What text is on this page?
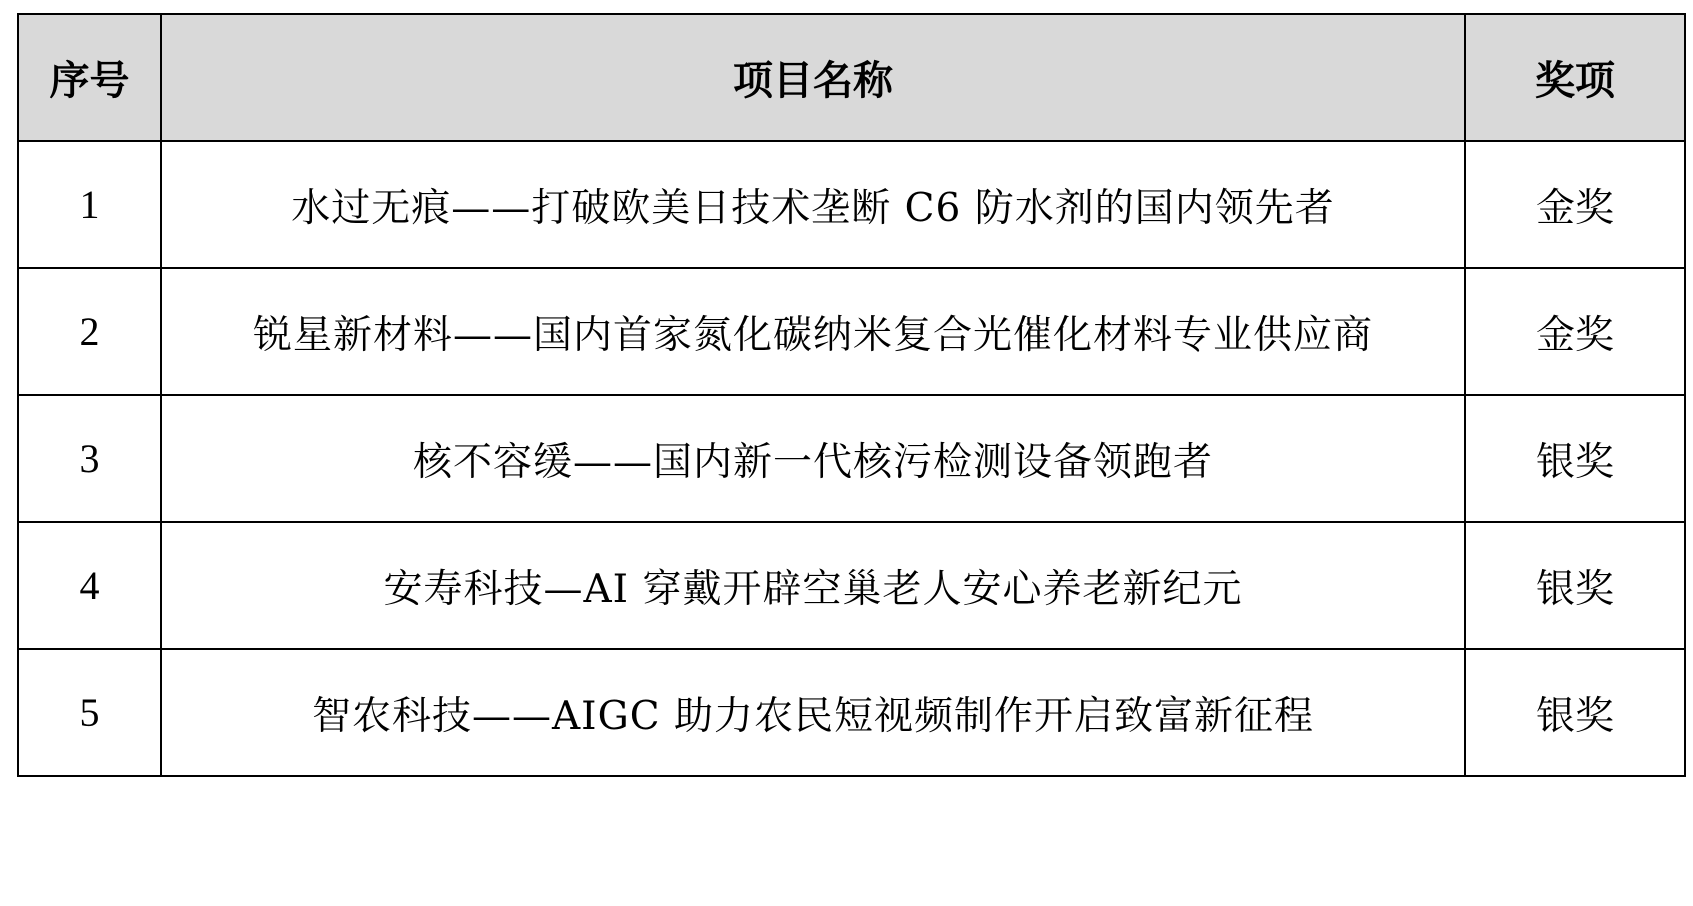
序号	项目名称	奖项
1	水过无痕——打破欧美日技术垄断 C6 防水剂的国内领先者	金奖
2	锐星新材料——国内首家氮化碳纳米复合光催化材料专业供应商	金奖
3	核不容缓——国内新一代核污检测设备领跑者	银奖
4	安寿科技—AI 穿戴开辟空巢老人安心养老新纪元	银奖
5	智农科技——AIGC 助力农民短视频制作开启致富新征程	银奖
